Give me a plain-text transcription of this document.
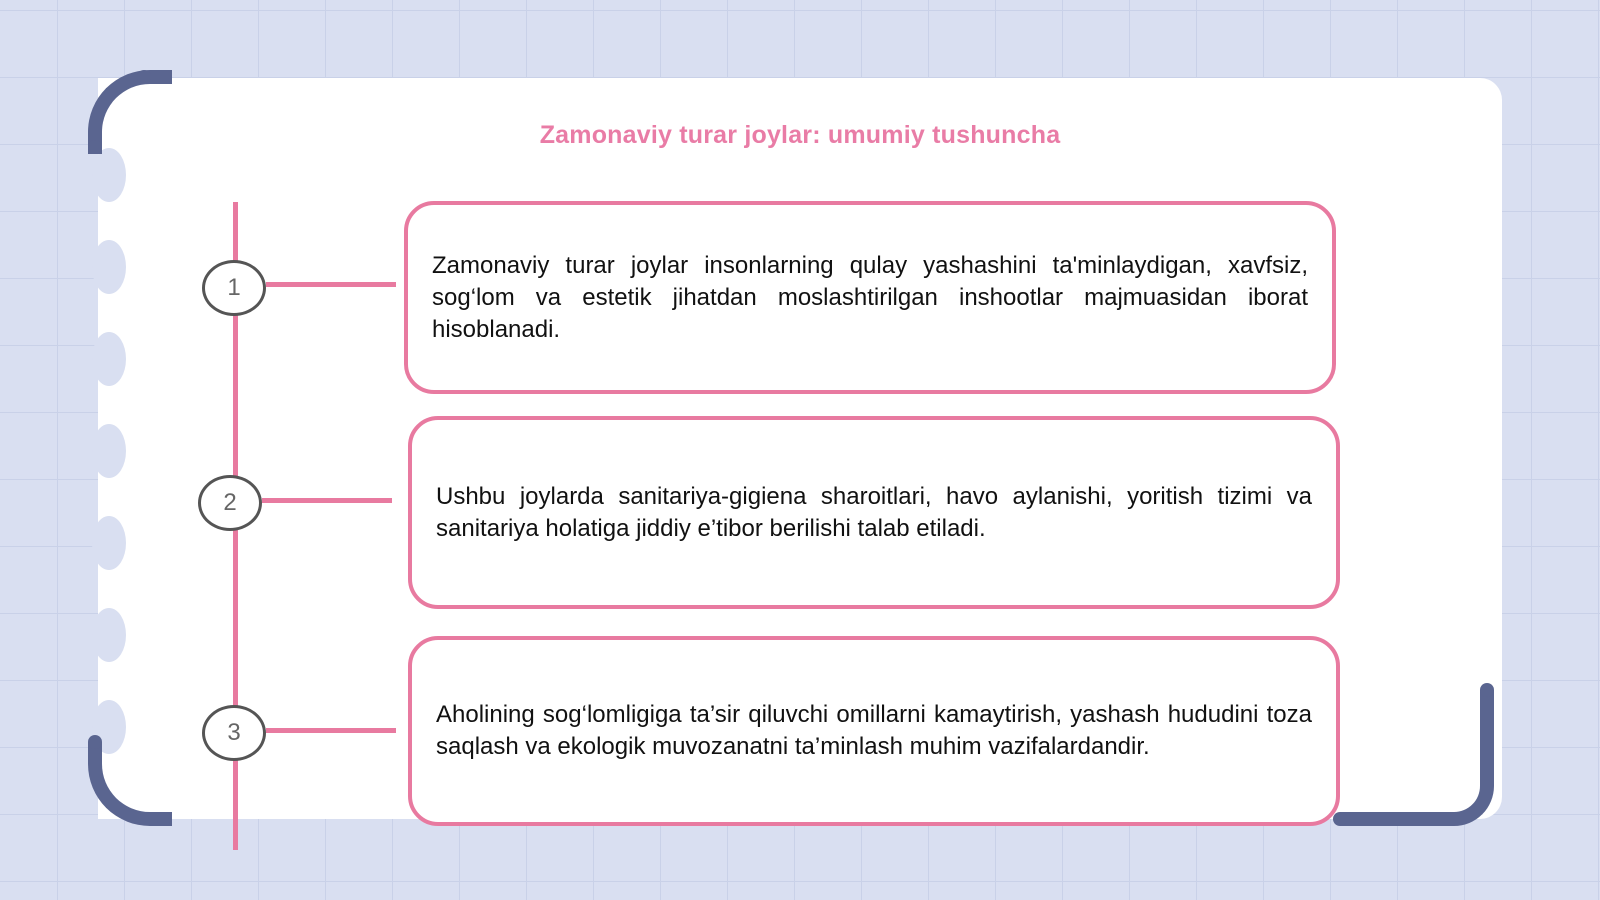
Zamonaviy turar joylar: umumiy tushuncha
1
2
3
Zamonaviy turar joylar insonlarning qulay yashashini ta'minlaydigan, xavfsiz, sog‘lom va estetik jihatdan moslashtirilgan inshootlar majmuasidan iborat hisoblanadi.
Ushbu joylarda sanitariya-gigiena sharoitlari, havo aylanishi, yoritish tizimi va sanitariya holatiga jiddiy e’tibor berilishi talab etiladi.
Aholining sog‘lomligiga ta’sir qiluvchi omillarni kamaytirish, yashash hududini toza saqlash va ekologik muvozanatni ta’minlash muhim vazifalardandir.
